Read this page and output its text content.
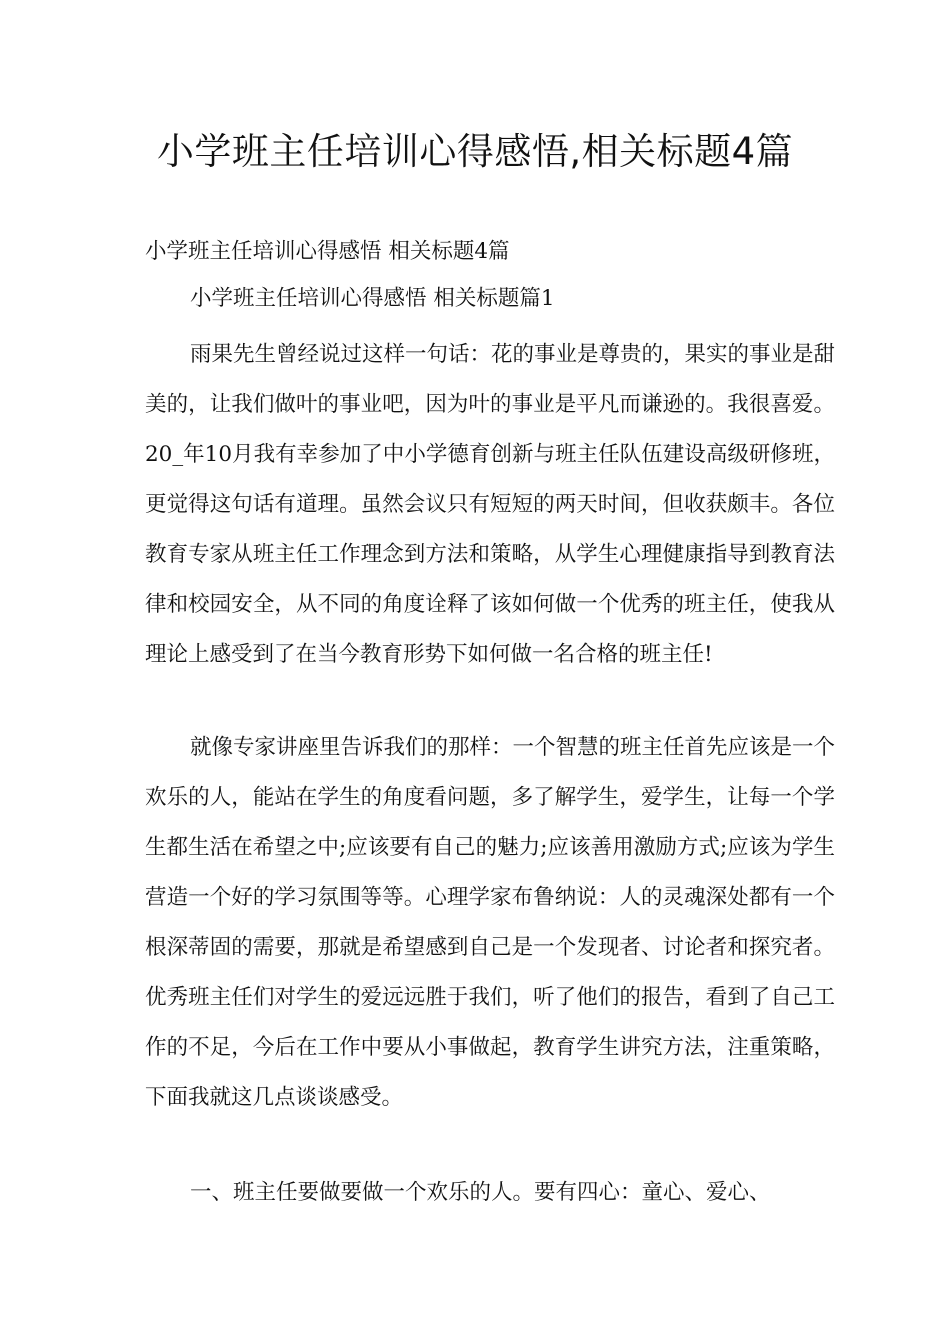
小学班主任培训心得感悟,相关标题4篇

小学班主任培训心得感悟 相关标题4篇

小学班主任培训心得感悟 相关标题篇1

雨果先生曾经说过这样一句话：花的事业是尊贵的，果实的事业是甜美的，让我们做叶的事业吧，因为叶的事业是平凡而谦逊的。我很喜爱。20_年10月我有幸参加了中小学德育创新与班主任队伍建设高级研修班，更觉得这句话有道理。虽然会议只有短短的两天时间，但收获颇丰。各位教育专家从班主任工作理念到方法和策略，从学生心理健康指导到教育法律和校园安全，从不同的角度诠释了该如何做一个优秀的班主任，使我从理论上感受到了在当今教育形势下如何做一名合格的班主任!

就像专家讲座里告诉我们的那样：一个智慧的班主任首先应该是一个欢乐的人，能站在学生的角度看问题，多了解学生，爱学生，让每一个学生都生活在希望之中;应该要有自己的魅力;应该善用激励方式;应该为学生营造一个好的学习氛围等等。心理学家布鲁纳说：人的灵魂深处都有一个根深蒂固的需要，那就是希望感到自己是一个发现者、讨论者和探究者。优秀班主任们对学生的爱远远胜于我们，听了他们的报告，看到了自己工作的不足，今后在工作中要从小事做起，教育学生讲究方法，注重策略，下面我就这几点谈谈感受。

一、班主任要做要做一个欢乐的人。要有四心：童心、爱心、
